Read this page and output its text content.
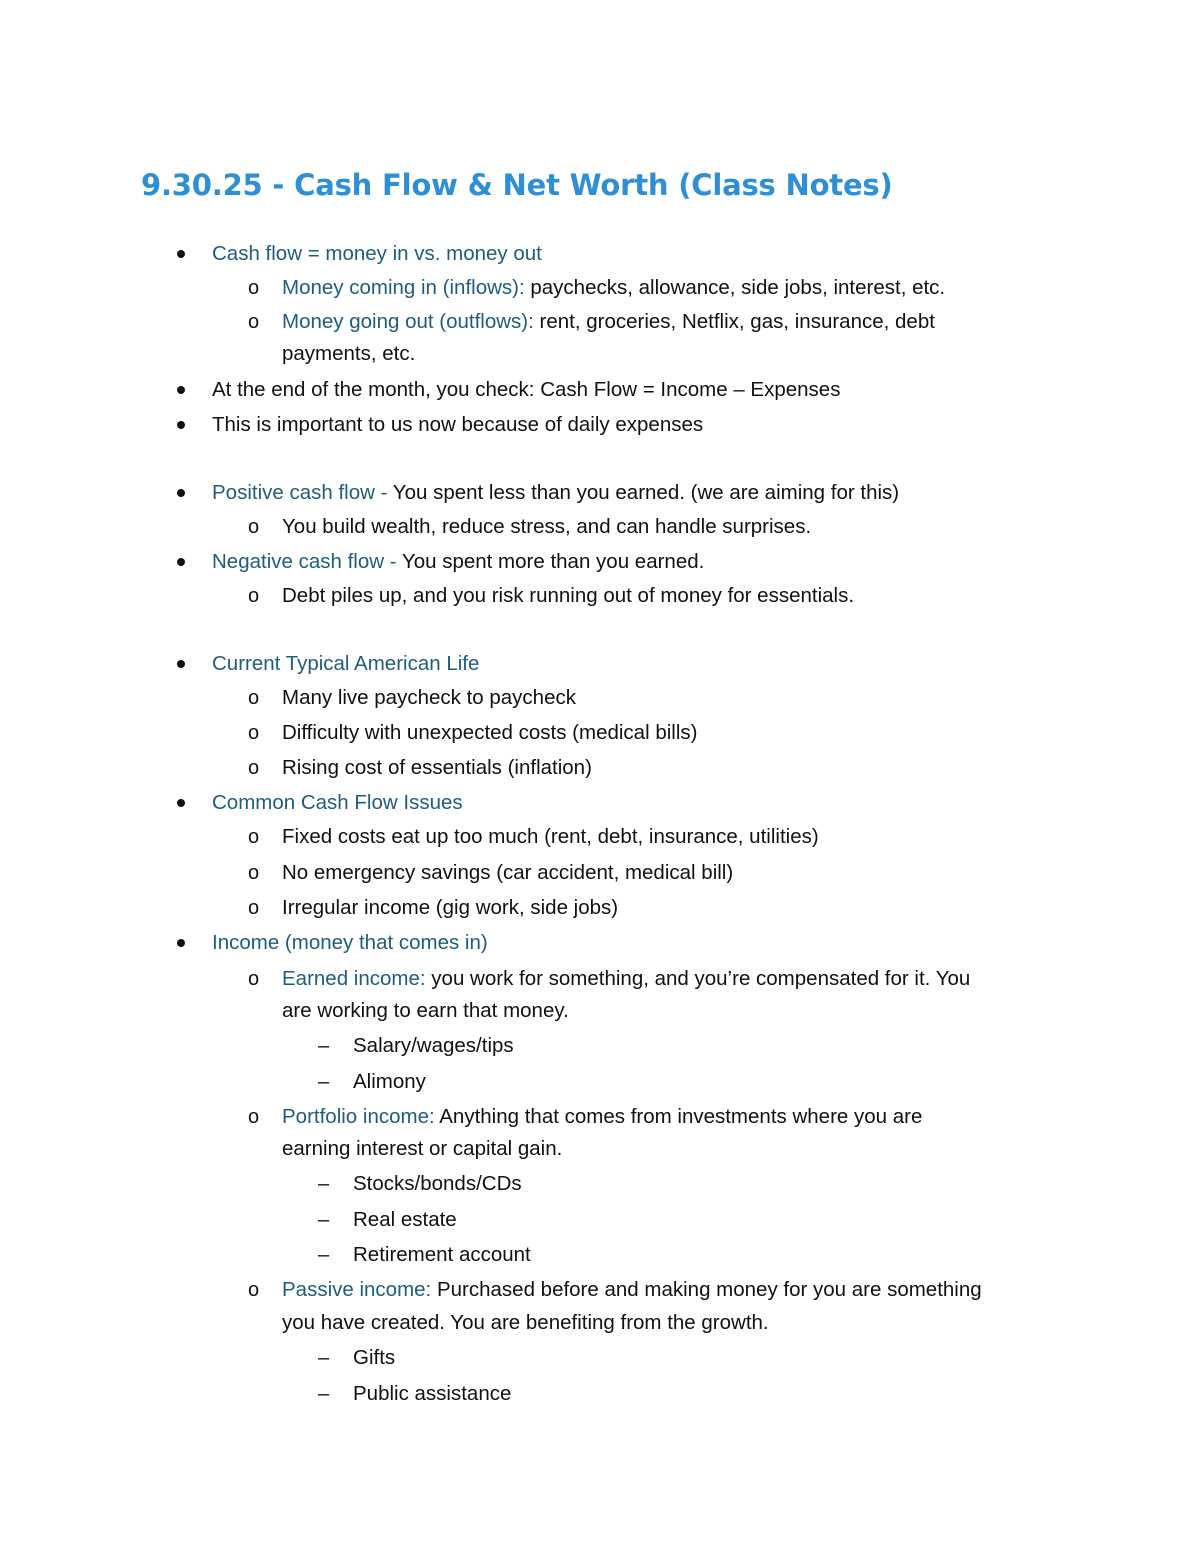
9.30.25 - Cash Flow & Net Worth (Class Notes)
Cash flow = money in vs. money out
o Money coming in (inflows): paychecks, allowance, side jobs, interest, etc.
o Money going out (outflows): rent, groceries, Netflix, gas, insurance, debt
payments, etc.
At the end of the month, you check: Cash Flow = Income – Expenses
This is important to us now because of daily expenses
Positive cash flow - You spent less than you earned. (we are aiming for this)
o You build wealth, reduce stress, and can handle surprises.
Negative cash flow - You spent more than you earned.
o Debt piles up, and you risk running out of money for essentials.
Current Typical American Life
o Many live paycheck to paycheck
o Difficulty with unexpected costs (medical bills)
o Rising cost of essentials (inflation)
Common Cash Flow Issues
o Fixed costs eat up too much (rent, debt, insurance, utilities)
o No emergency savings (car accident, medical bill)
o Irregular income (gig work, side jobs)
Income (money that comes in)
o Earned income: you work for something, and you’re compensated for it. You
are working to earn that money.
– Salary/wages/tips
– Alimony
o Portfolio income: Anything that comes from investments where you are
earning interest or capital gain.
– Stocks/bonds/CDs
– Real estate
– Retirement account
o Passive income: Purchased before and making money for you are something
you have created. You are benefiting from the growth.
– Gifts
– Public assistance
